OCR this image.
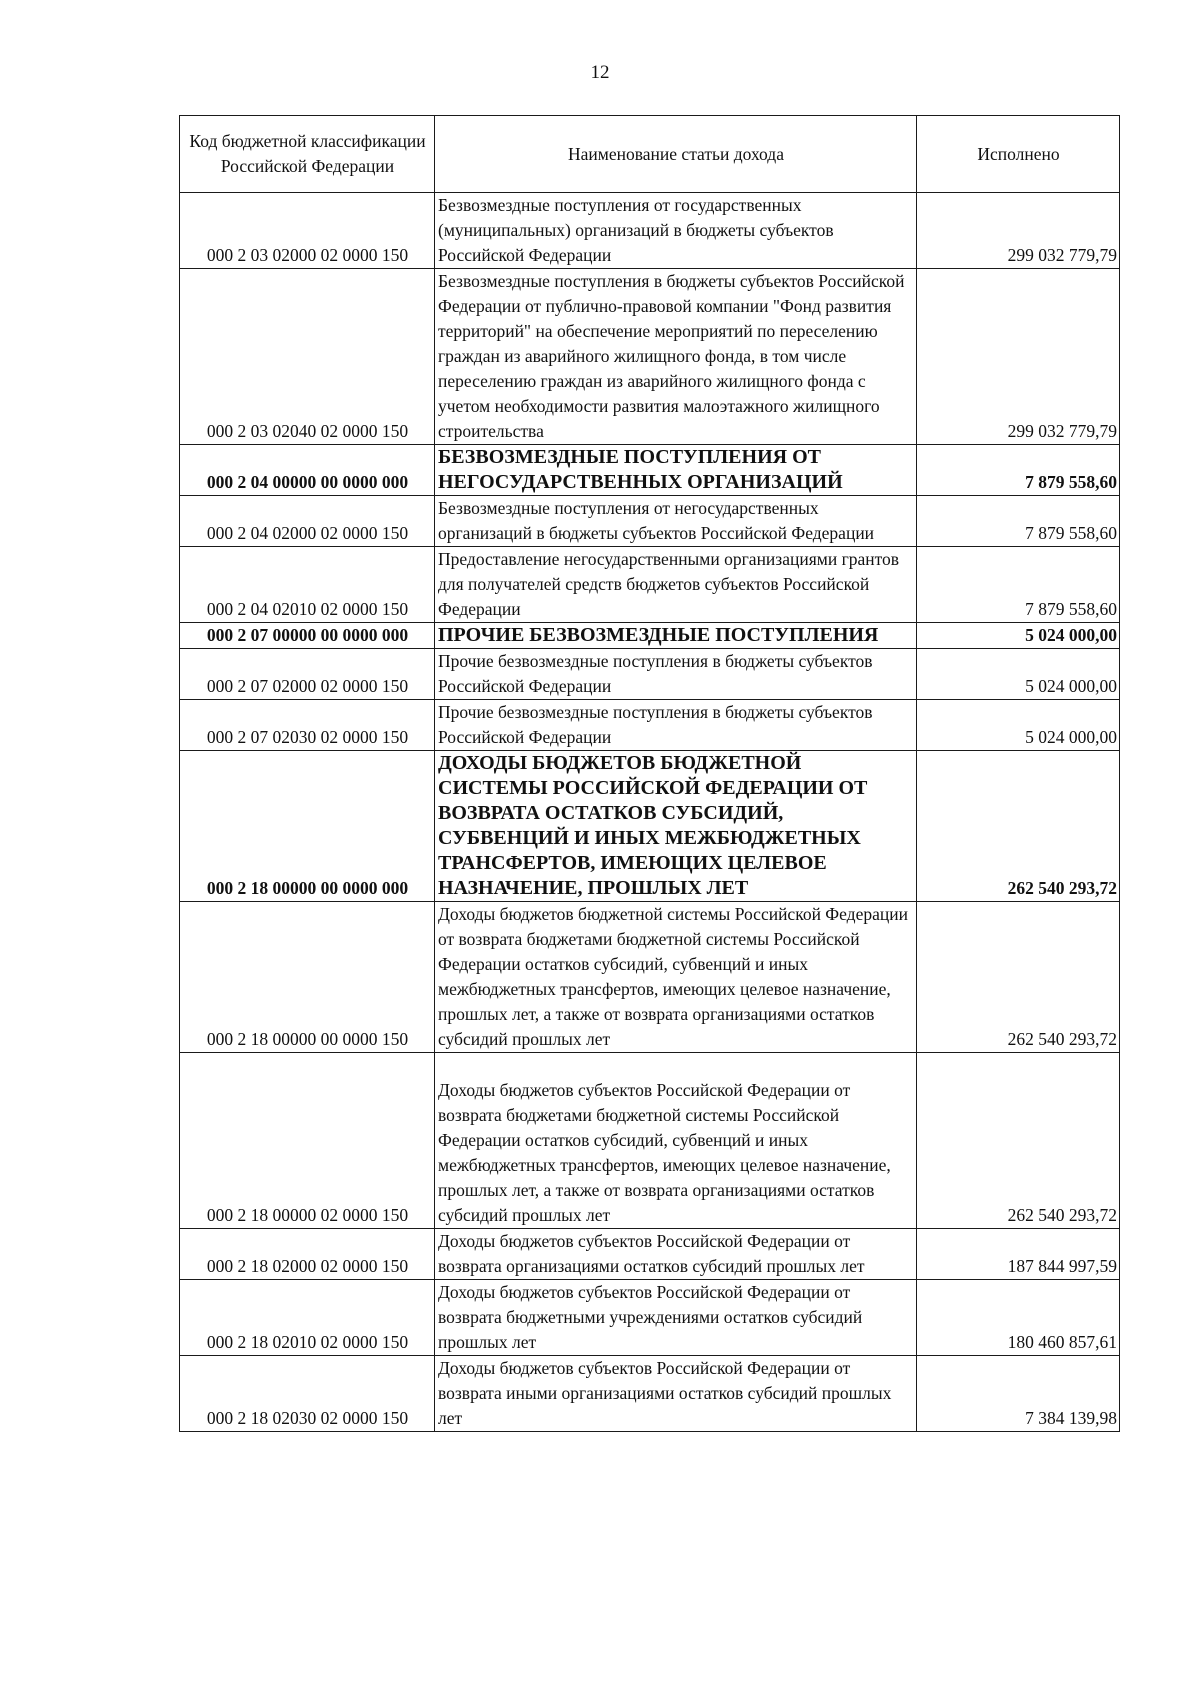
12
Код бюджетной классификации Российской Федерации	Наименование статьи дохода	Исполнено
000 2 03 02000 02 0000 150	Безвозмездные поступления от государственных (муниципальных) организаций в бюджеты субъектов Российской Федерации	299 032 779,79
000 2 03 02040 02 0000 150	Безвозмездные поступления в бюджеты субъектов Российской Федерации от публично-правовой компании "Фонд развития территорий" на обеспечение мероприятий по переселению граждан из аварийного жилищного фонда, в том числе переселению граждан из аварийного жилищного фонда с учетом необходимости развития малоэтажного жилищного строительства	299 032 779,79
000 2 04 00000 00 0000 000	БЕЗВОЗМЕЗДНЫЕ ПОСТУПЛЕНИЯ ОТ НЕГОСУДАРСТВЕННЫХ ОРГАНИЗАЦИЙ	7 879 558,60
000 2 04 02000 02 0000 150	Безвозмездные поступления от негосударственных организаций в бюджеты субъектов Российской Федерации	7 879 558,60
000 2 04 02010 02 0000 150	Предоставление негосударственными организациями грантов для получателей средств бюджетов субъектов Российской Федерации	7 879 558,60
000 2 07 00000 00 0000 000	ПРОЧИЕ БЕЗВОЗМЕЗДНЫЕ ПОСТУПЛЕНИЯ	5 024 000,00
000 2 07 02000 02 0000 150	Прочие безвозмездные поступления в бюджеты субъектов Российской Федерации	5 024 000,00
000 2 07 02030 02 0000 150	Прочие безвозмездные поступления в бюджеты субъектов Российской Федерации	5 024 000,00
000 2 18 00000 00 0000 000	ДОХОДЫ БЮДЖЕТОВ БЮДЖЕТНОЙ СИСТЕМЫ РОССИЙСКОЙ ФЕДЕРАЦИИ ОТ ВОЗВРАТА ОСТАТКОВ СУБСИДИЙ, СУБВЕНЦИЙ И ИНЫХ МЕЖБЮДЖЕТНЫХ ТРАНСФЕРТОВ, ИМЕЮЩИХ ЦЕЛЕВОЕ НАЗНАЧЕНИЕ, ПРОШЛЫХ ЛЕТ	262 540 293,72
000 2 18 00000 00 0000 150	Доходы бюджетов бюджетной системы Российской Федерации от возврата бюджетами бюджетной системы Российской Федерации остатков субсидий, субвенций и иных межбюджетных трансфертов, имеющих целевое назначение, прошлых лет, а также от возврата организациями остатков субсидий прошлых лет	262 540 293,72
000 2 18 00000 02 0000 150	Доходы бюджетов субъектов Российской Федерации от возврата бюджетами бюджетной системы Российской Федерации остатков субсидий, субвенций и иных межбюджетных трансфертов, имеющих целевое назначение, прошлых лет, а также от возврата организациями остатков субсидий прошлых лет	262 540 293,72
000 2 18 02000 02 0000 150	Доходы бюджетов субъектов Российской Федерации от возврата организациями остатков субсидий прошлых лет	187 844 997,59
000 2 18 02010 02 0000 150	Доходы бюджетов субъектов Российской Федерации от возврата бюджетными учреждениями остатков субсидий прошлых лет	180 460 857,61
000 2 18 02030 02 0000 150	Доходы бюджетов субъектов Российской Федерации от возврата иными организациями остатков субсидий прошлых лет	7 384 139,98
